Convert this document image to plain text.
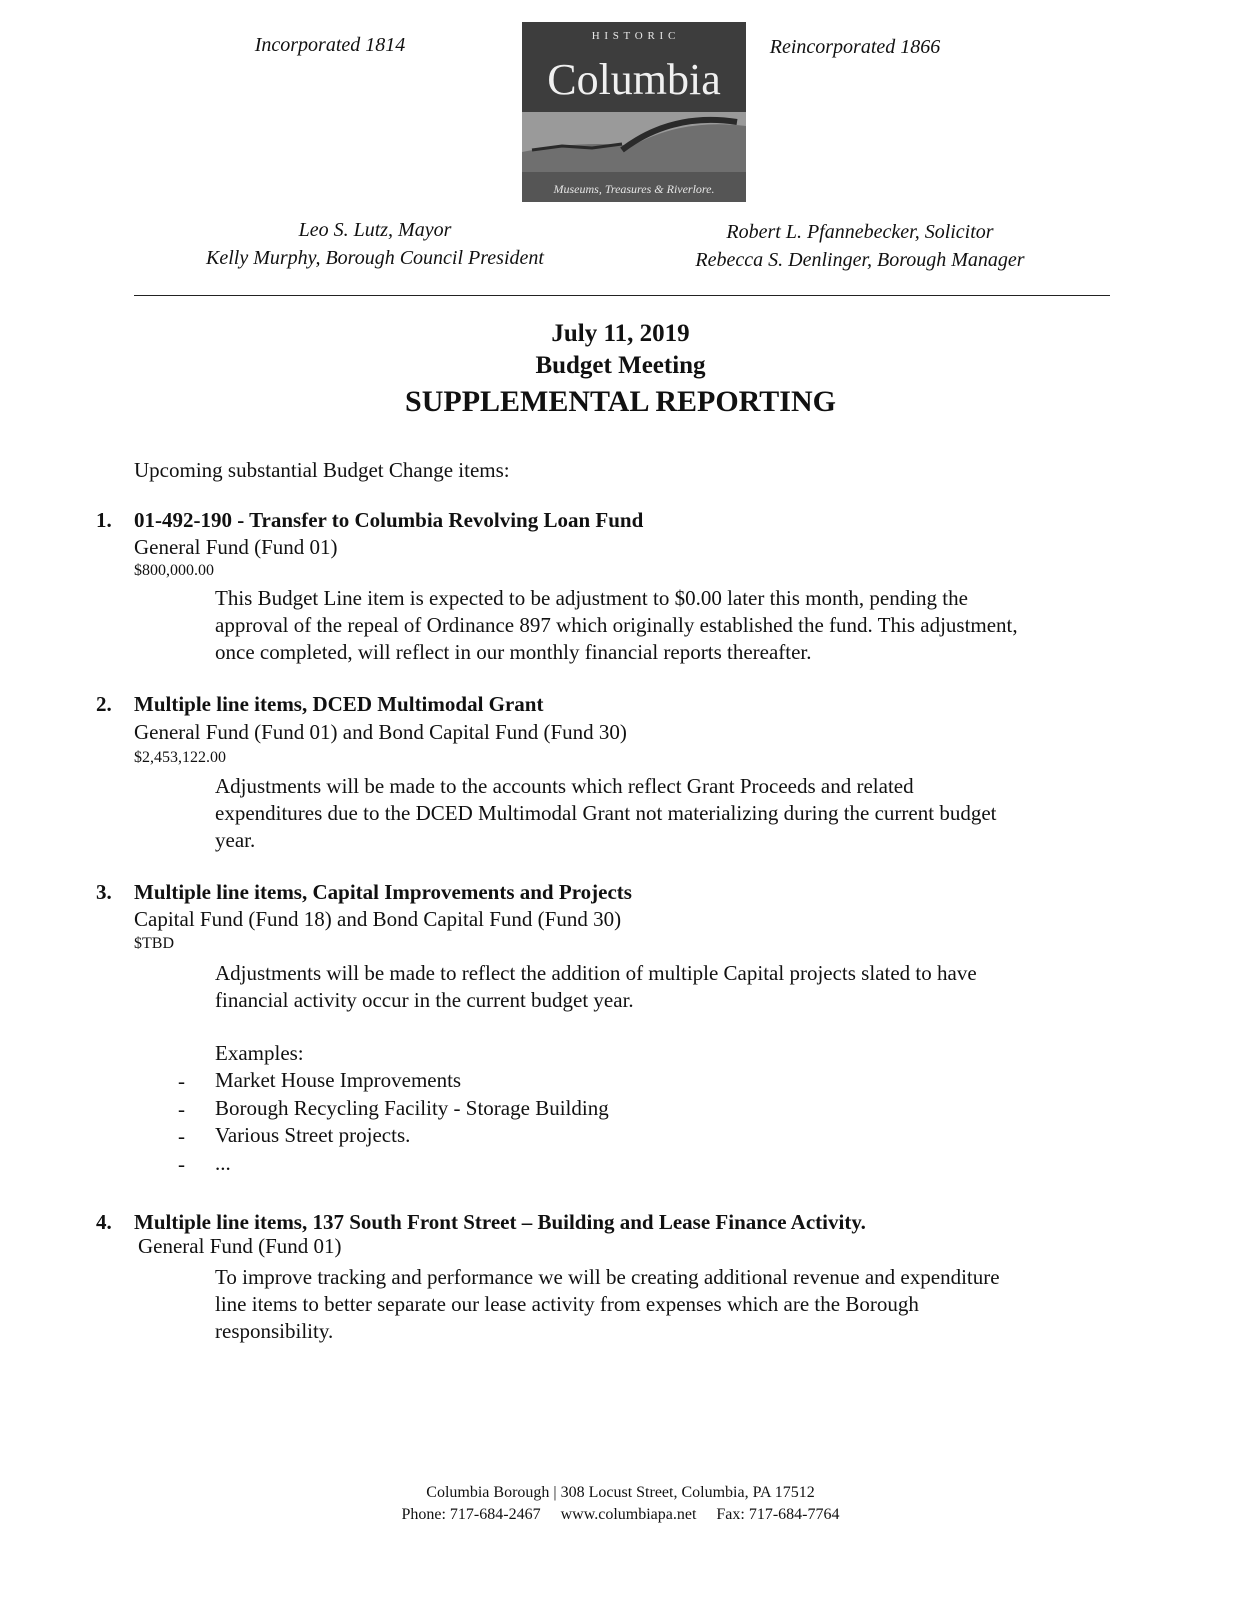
Incorporated 1814	Reincorporated 1866
H I S T O R I C
Columbia
Museums, Treasures & Riverlore.
Leo S. Lutz, Mayor
Kelly Murphy, Borough Council President
Robert L. Pfannebecker, Solicitor
Rebecca S. Denlinger, Borough Manager
July 11, 2019
Budget Meeting
SUPPLEMENTAL REPORTING
Upcoming substantial Budget Change items:
1. 01-492-190 - Transfer to Columbia Revolving Loan Fund
General Fund (Fund 01)
$800,000.00
This Budget Line item is expected to be adjustment to $0.00 later this month, pending the
approval of the repeal of Ordinance 897 which originally established the fund. This adjustment,
once completed, will reflect in our monthly financial reports thereafter.
2. Multiple line items, DCED Multimodal Grant
General Fund (Fund 01) and Bond Capital Fund (Fund 30)
$2,453,122.00
Adjustments will be made to the accounts which reflect Grant Proceeds and related
expenditures due to the DCED Multimodal Grant not materializing during the current budget
year.
3. Multiple line items, Capital Improvements and Projects
Capital Fund (Fund 18) and Bond Capital Fund (Fund 30)
$TBD
Adjustments will be made to reflect the addition of multiple Capital projects slated to have
financial activity occur in the current budget year.
Examples:
- Market House Improvements
- Borough Recycling Facility - Storage Building
- Various Street projects.
- ...
4. Multiple line items, 137 South Front Street – Building and Lease Finance Activity.
General Fund (Fund 01)
To improve tracking and performance we will be creating additional revenue and expenditure
line items to better separate our lease activity from expenses which are the Borough
responsibility.
Columbia Borough | 308 Locust Street, Columbia, PA 17512
Phone: 717-684-2467 www.columbiapa.net Fax: 717-684-7764
